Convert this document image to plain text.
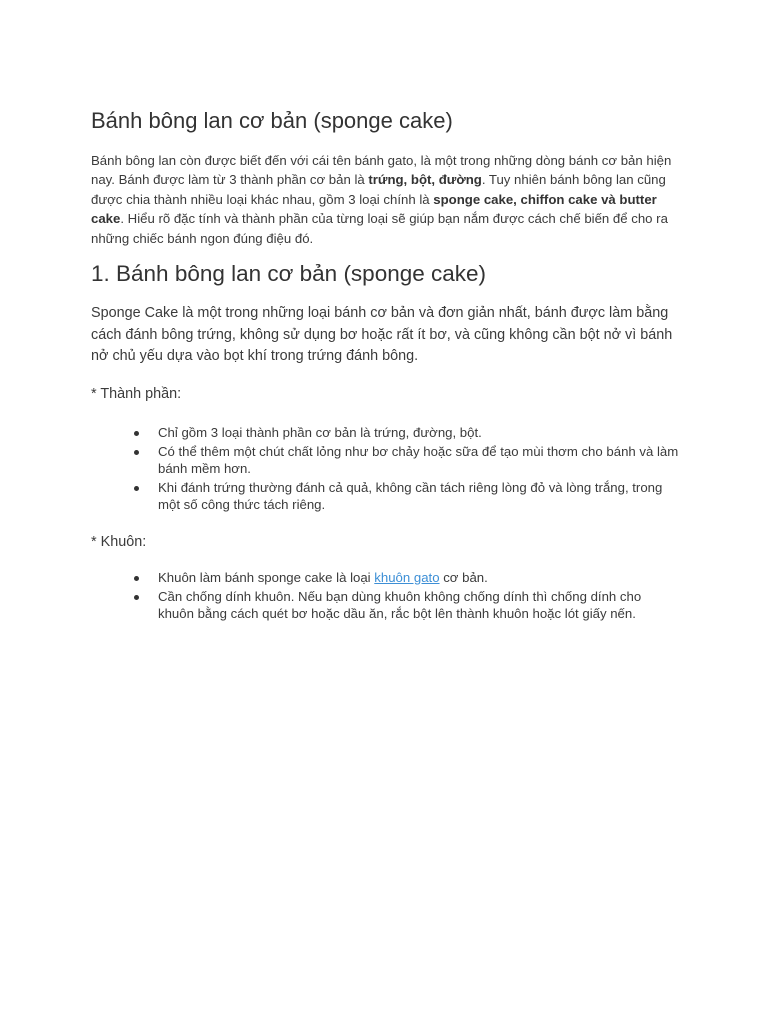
Bánh bông lan cơ bản (sponge cake)

Bánh bông lan còn được biết đến với cái tên bánh gato, là một trong những dòng bánh cơ bản hiện nay. Bánh được làm từ 3 thành phần cơ bản là trứng, bột, đường. Tuy nhiên bánh bông lan cũng được chia thành nhiều loại khác nhau, gồm 3 loại chính là sponge cake, chiffon cake và butter cake. Hiểu rõ đặc tính và thành phần của từng loại sẽ giúp bạn nắm được cách chế biến để cho ra những chiếc bánh ngon đúng điệu đó.

1. Bánh bông lan cơ bản (sponge cake)

Sponge Cake là một trong những loại bánh cơ bản và đơn giản nhất, bánh được làm bằng cách đánh bông trứng, không sử dụng bơ hoặc rất ít bơ, và cũng không cần bột nở vì bánh nở chủ yếu dựa vào bọt khí trong trứng đánh bông.

* Thành phần:

Chỉ gồm 3 loại thành phần cơ bản là trứng, đường, bột.
Có thể thêm một chút chất lỏng như bơ chảy hoặc sữa để tạo mùi thơm cho bánh và làm bánh mềm hơn.
Khi đánh trứng thường đánh cả quả, không cần tách riêng lòng đỏ và lòng trắng, trong một số công thức tách riêng.

* Khuôn:

Khuôn làm bánh sponge cake là loại khuôn gato cơ bản.
Cần chống dính khuôn. Nếu bạn dùng khuôn không chống dính thì chống dính cho khuôn bằng cách quét bơ hoặc dầu ăn, rắc bột lên thành khuôn hoặc lót giấy nến.
